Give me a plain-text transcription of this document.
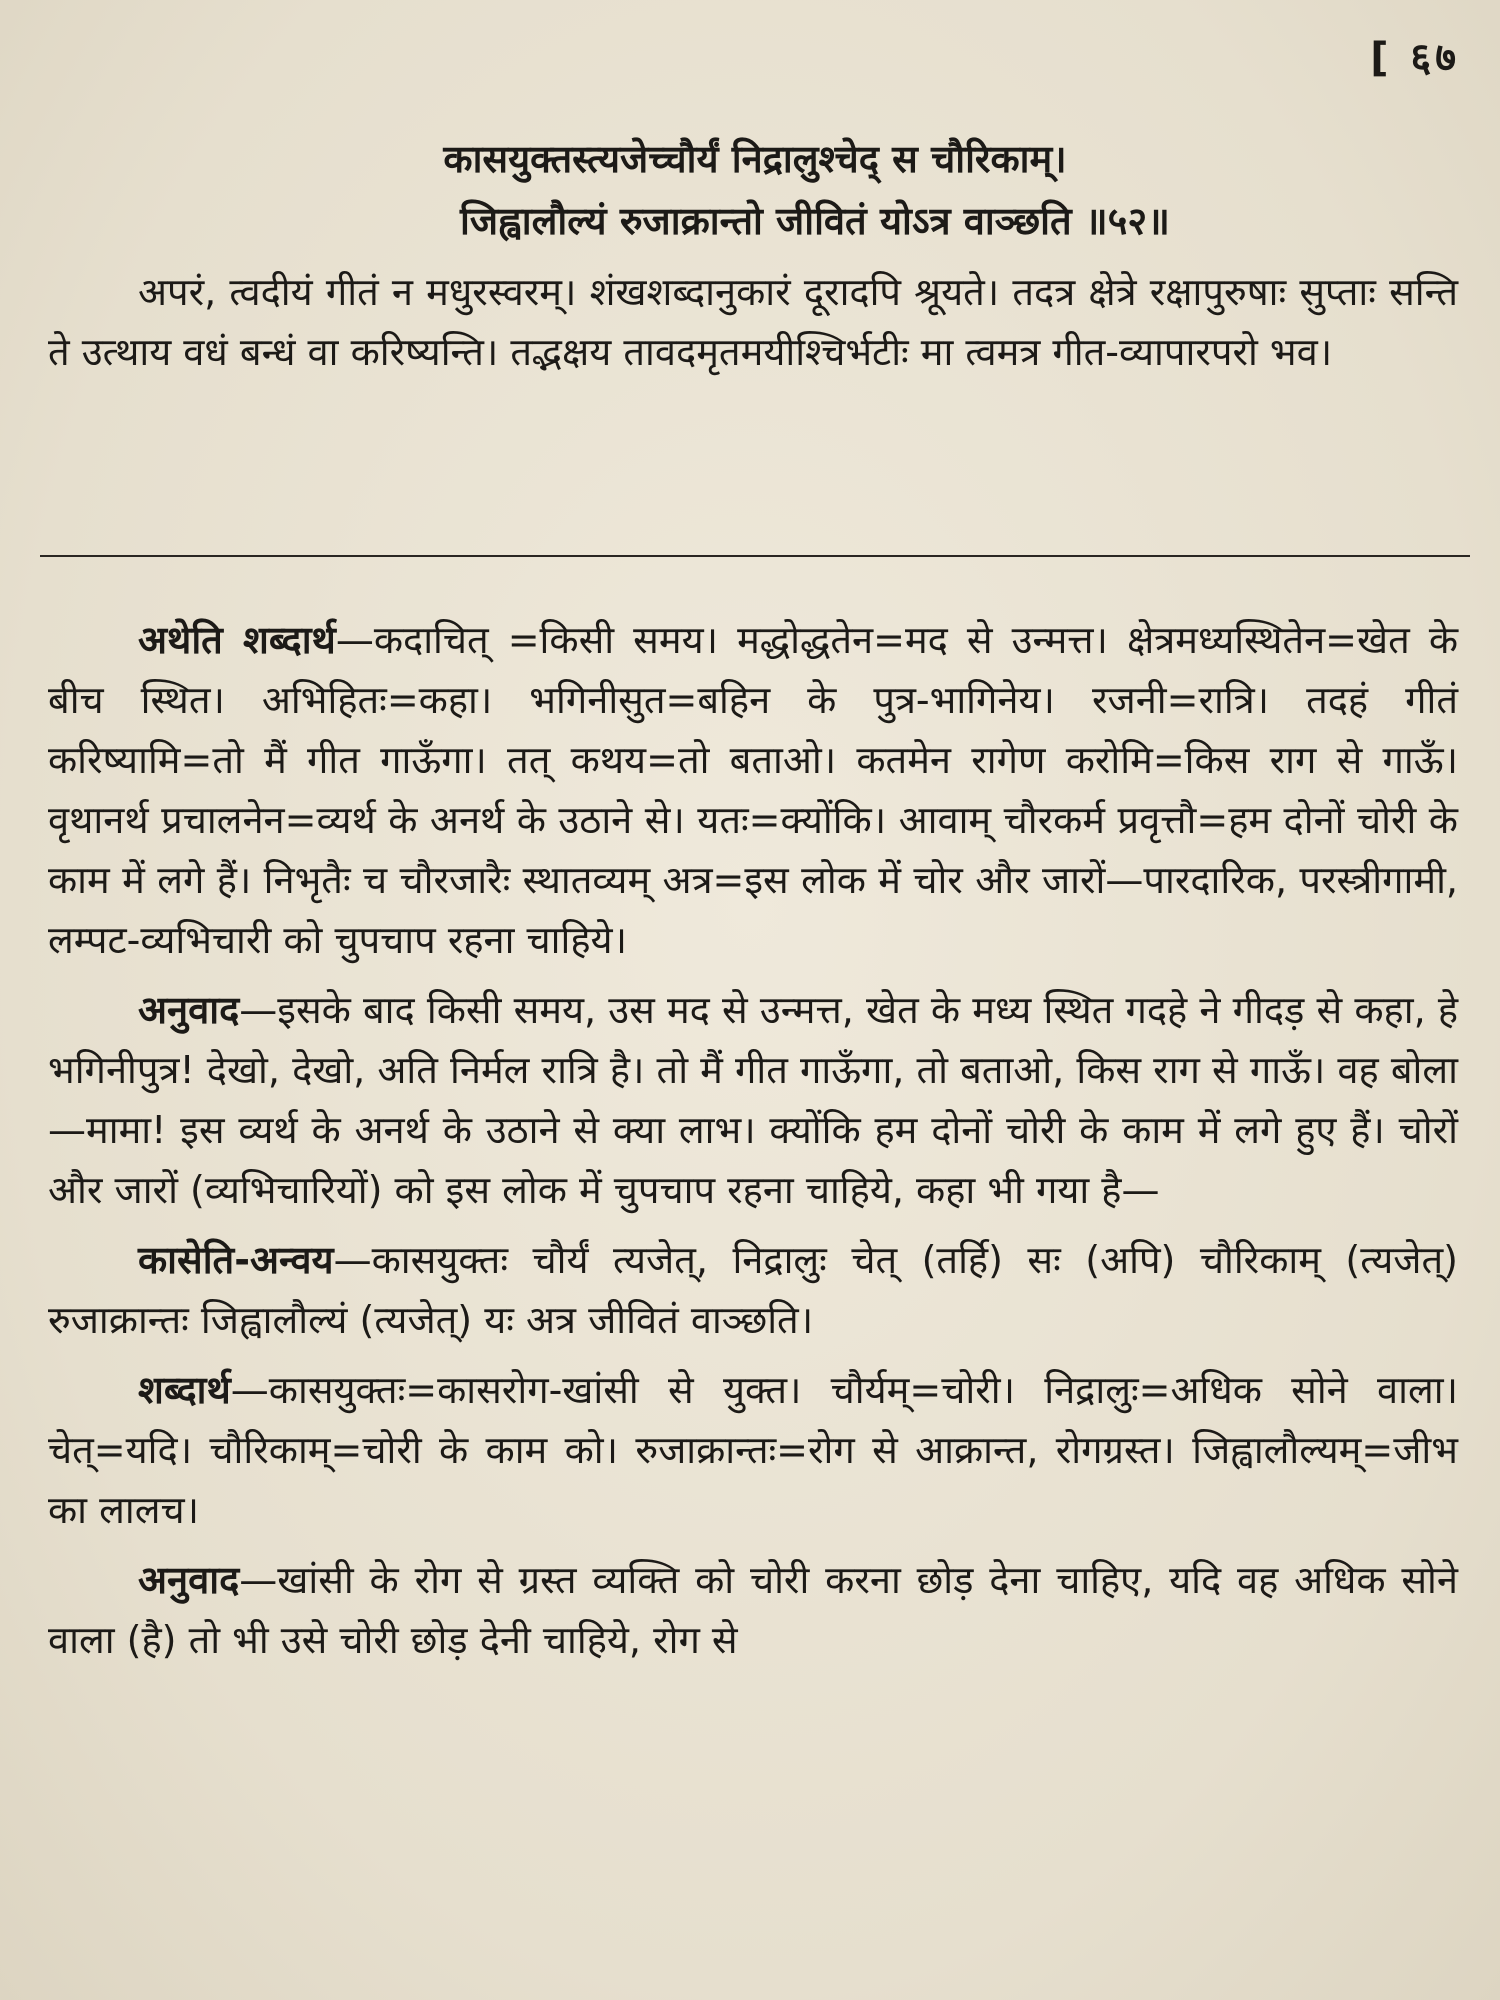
[ ६७
कासयुक्तस्त्यजेच्चौर्यं निद्रालुश्चेद् स चौरिकाम्।
जिह्वालौल्यं रुजाक्रान्तो जीवितं योऽत्र वाञ्छति ॥५२॥
अपरं, त्वदीयं गीतं न मधुरस्वरम्। शंखशब्दानुकारं दूरादपि श्रूयते। तदत्र क्षेत्रे रक्षापुरुषाः सुप्ताः सन्ति ते उत्थाय वधं बन्धं वा करिष्यन्ति। तद्भक्षय तावदमृतमयीश्चिर्भटीः मा त्वमत्र गीत-व्यापारपरो भव।

अथेति शब्दार्थ—कदाचित् =किसी समय। मद्धोद्धतेन=मद से उन्मत्त। क्षेत्रमध्यस्थितेन=खेत के बीच स्थित। अभिहितः=कहा। भगिनीसुत=बहिन के पुत्र-भागिनेय। रजनी=रात्रि। तदहं गीतं करिष्यामि=तो मैं गीत गाऊँगा। तत् कथय=तो बताओ। कतमेन रागेण करोमि=किस राग से गाऊँ। वृथानर्थ प्रचालनेन=व्यर्थ के अनर्थ के उठाने से। यतः=क्योंकि। आवाम् चौरकर्म प्रवृत्तौ=हम दोनों चोरी के काम में लगे हैं। निभृतैः च चौरजारैः स्थातव्यम् अत्र=इस लोक में चोर और जारों—पारदारिक, परस्त्रीगामी, लम्पट-व्यभिचारी को चुपचाप रहना चाहिये।

अनुवाद—इसके बाद किसी समय, उस मद से उन्मत्त, खेत के मध्य स्थित गदहे ने गीदड़ से कहा, हे भगिनीपुत्र! देखो, देखो, अति निर्मल रात्रि है। तो मैं गीत गाऊँगा, तो बताओ, किस राग से गाऊँ। वह बोला—मामा! इस व्यर्थ के अनर्थ के उठाने से क्या लाभ। क्योंकि हम दोनों चोरी के काम में लगे हुए हैं। चोरों और जारों (व्यभिचारियों) को इस लोक में चुपचाप रहना चाहिये, कहा भी गया है—

कासेति-अन्वय—कासयुक्तः चौर्यं त्यजेत्, निद्रालुः चेत् (तर्हि) सः (अपि) चौरिकाम् (त्यजेत्) रुजाक्रान्तः जिह्वालौल्यं (त्यजेत्) यः अत्र जीवितं वाञ्छति।

शब्दार्थ—कासयुक्तः=कासरोग-खांसी से युक्त। चौर्यम्=चोरी। निद्रालुः=अधिक सोने वाला। चेत्=यदि। चौरिकाम्=चोरी के काम को। रुजाक्रान्तः=रोग से आक्रान्त, रोगग्रस्त। जिह्वालौल्यम्=जीभ का लालच।

अनुवाद—खांसी के रोग से ग्रस्त व्यक्ति को चोरी करना छोड़ देना चाहिए, यदि वह अधिक सोने वाला (है) तो भी उसे चोरी छोड़ देनी चाहिये, रोग से
